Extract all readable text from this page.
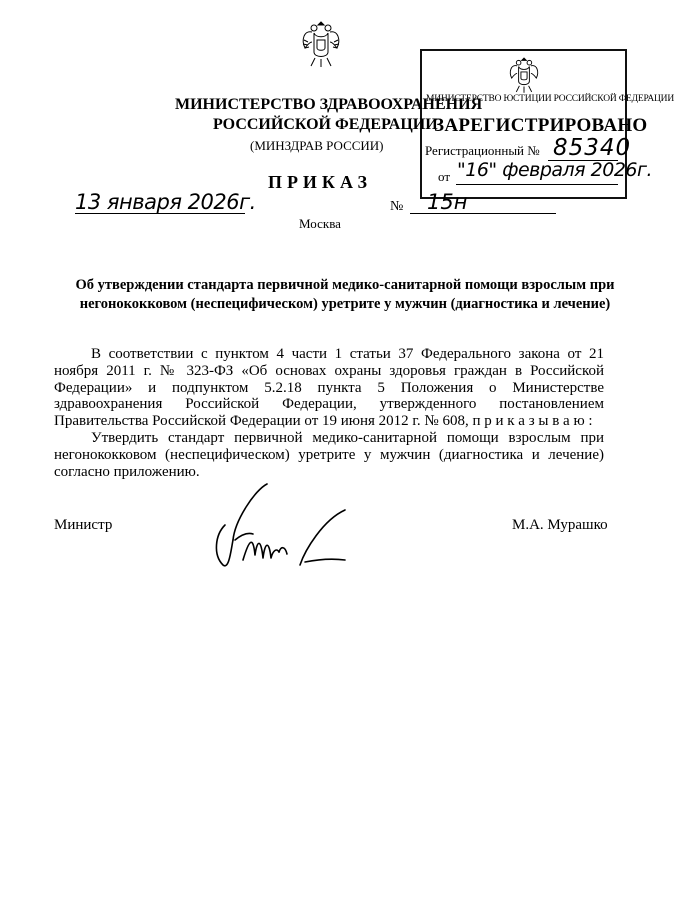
МИНИСТЕРСТВО ЮСТИЦИИ РОССИЙСКОЙ ФЕДЕРАЦИИ
ЗАРЕГИСТРИРОВАНО
Регистрационный № 85340
от "16" февраля 2026г.
МИНИСТЕРСТВО ЗДРАВООХРАНЕНИЯ
РОССИЙСКОЙ ФЕДЕРАЦИИ
(МИНЗДРАВ РОССИИ)
ПРИКАЗ
13 января 2026г.	№ 15н
Москва
Об утверждении стандарта первичной медико-санитарной помощи взрослым при негонококковом (неспецифическом) уретрите у мужчин (диагностика и лечение)
В соответствии с пунктом 4 части 1 статьи 37 Федерального закона от 21 ноября 2011 г. № 323-ФЗ «Об основах охраны здоровья граждан в Российской Федерации» и подпунктом 5.2.18 пункта 5 Положения о Министерстве здравоохранения Российской Федерации, утвержденного постановлением Правительства Российской Федерации от 19 июня 2012 г. № 608, п р и к а з ы в а ю :
Утвердить стандарт первичной медико-санитарной помощи взрослым при негонококковом (неспецифическом) уретрите у мужчин (диагностика и лечение) согласно приложению.
Министр	М.А. Мурашко
